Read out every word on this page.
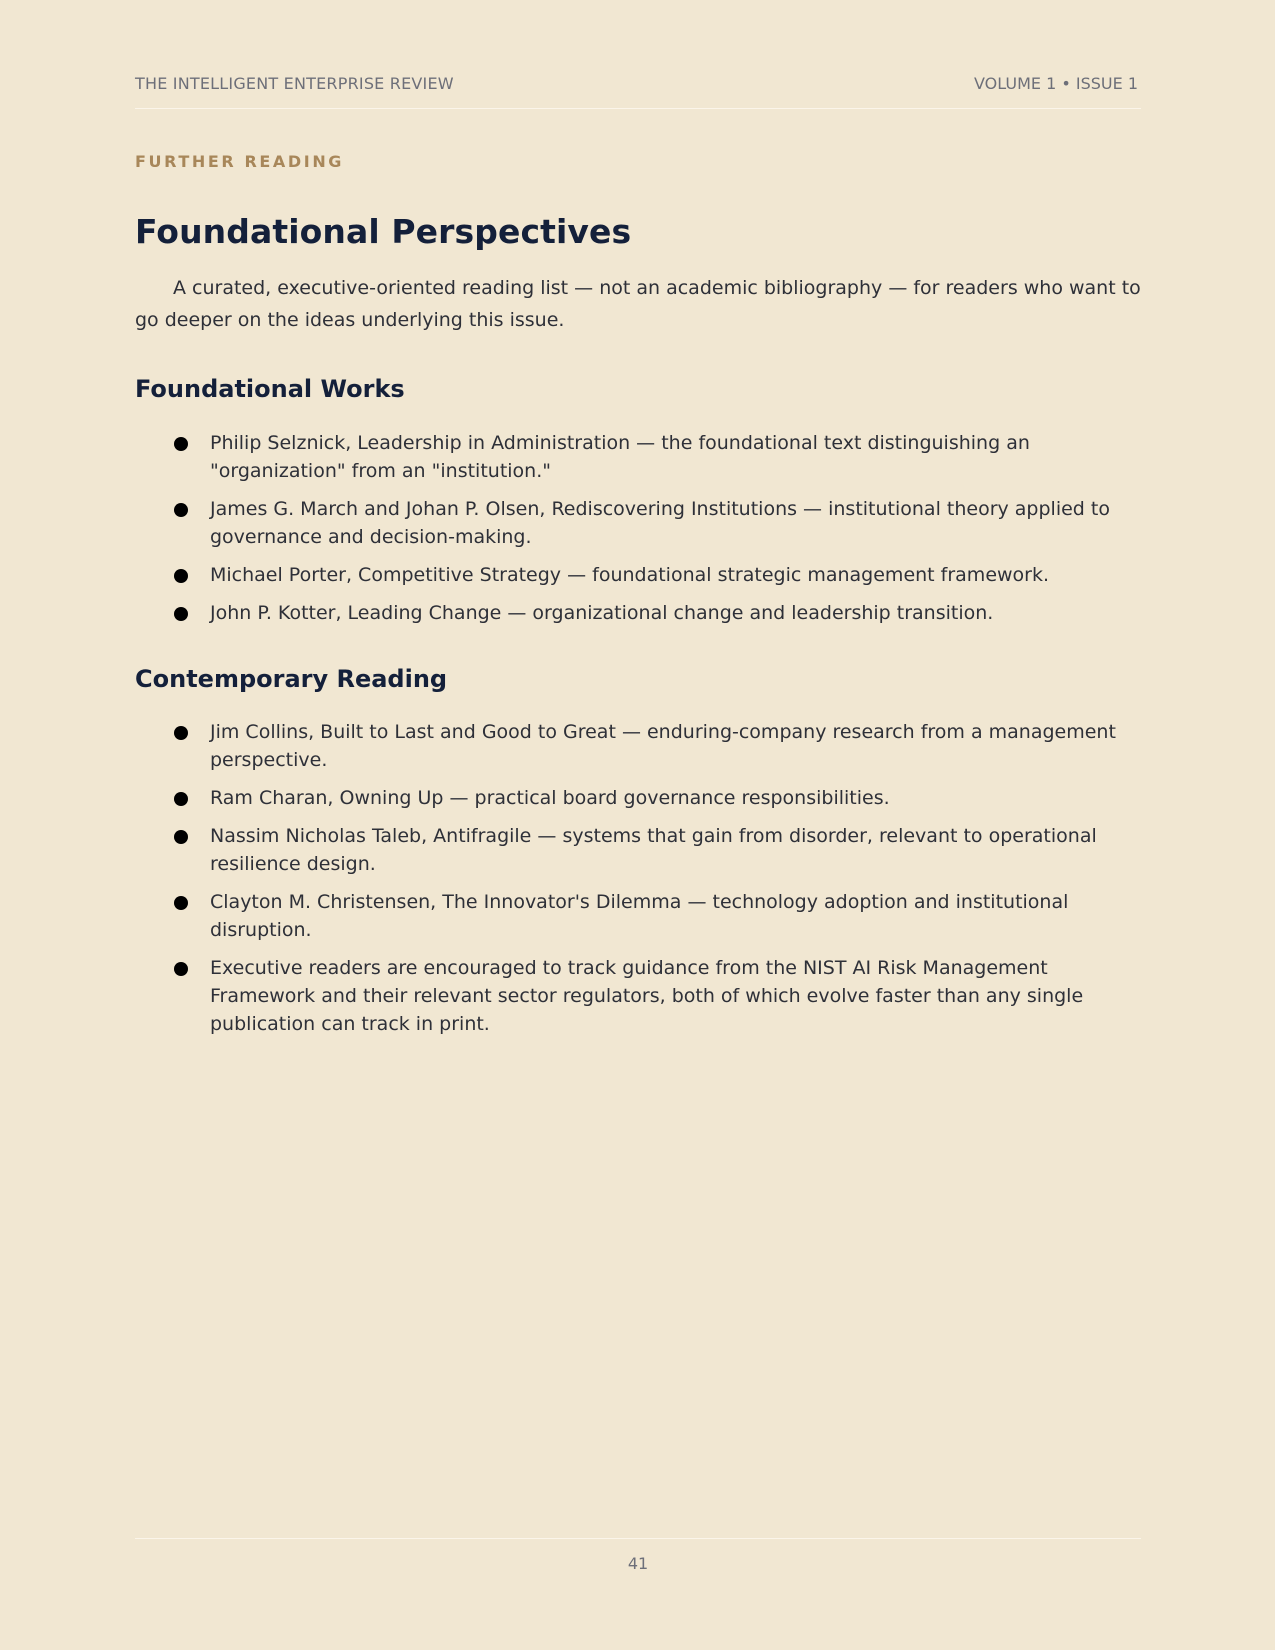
THE INTELLIGENT ENTERPRISE REVIEW	VOLUME 1 • ISSUE 1
FURTHER READING
Foundational Perspectives

A curated, executive-oriented reading list — not an academic bibliography — for readers who want to go deeper on the ideas underlying this issue.

Foundational Works
Philip Selznick, Leadership in Administration — the foundational text distinguishing an "organization" from an "institution."
James G. March and Johan P. Olsen, Rediscovering Institutions — institutional theory applied to governance and decision-making.
Michael Porter, Competitive Strategy — foundational strategic management framework.
John P. Kotter, Leading Change — organizational change and leadership transition.
Contemporary Reading
Jim Collins, Built to Last and Good to Great — enduring-company research from a management perspective.
Ram Charan, Owning Up — practical board governance responsibilities.
Nassim Nicholas Taleb, Antifragile — systems that gain from disorder, relevant to operational resilience design.
Clayton M. Christensen, The Innovator's Dilemma — technology adoption and institutional disruption.
Executive readers are encouraged to track guidance from the NIST AI Risk Management Framework and their relevant sector regulators, both of which evolve faster than any single publication can track in print.
41
